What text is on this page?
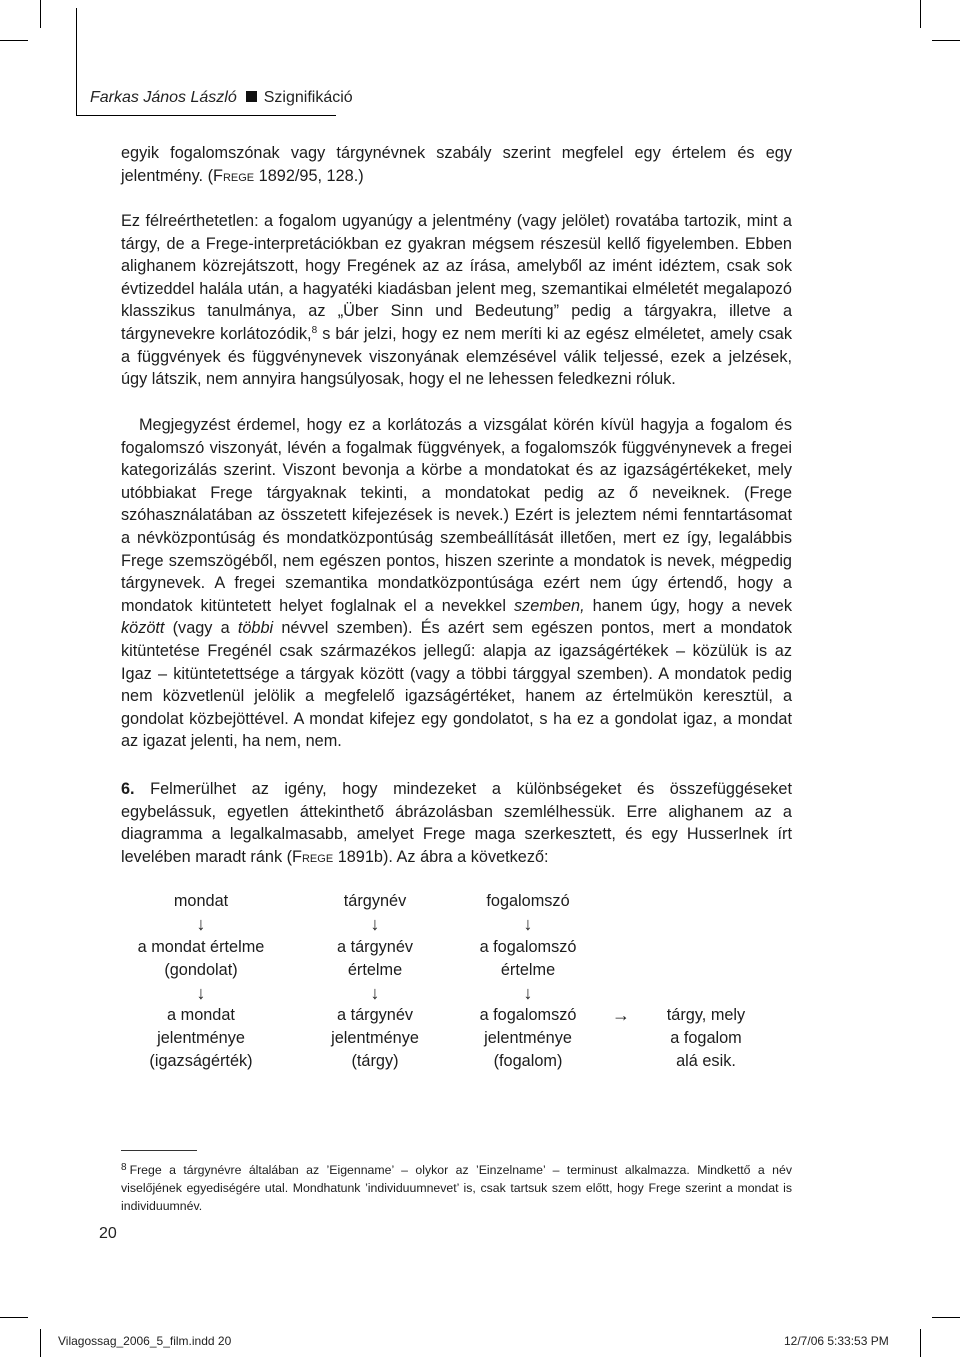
Farkas János László Szignifikáció

egyik fogalomszónak vagy tárgynévnek szabály szerint megfelel egy értelem és egy jelentmény. (Frege 1892/95, 128.)

Ez félreérthetetlen: a fogalom ugyanúgy a jelentmény (vagy jelölet) rovatába tartozik, mint a tárgy, de a Frege-interpretációkban ez gyakran mégsem részesül kellő figyelemben. Ebben alighanem közrejátszott, hogy Fregének az az írása, amelyből az imént idéztem, csak sok évtizeddel halála után, a hagyatéki kiadásban jelent meg, szemantikai elméletét megalapozó klasszikus tanulmánya, az „Über Sinn und Bedeutung” pedig a tárgyakra, illetve a tárgynevekre korlátozódik,$^8$ s bár jelzi, hogy ez nem meríti ki az egész elméletet, amely csak a függvények és függvénynevek viszonyának elemzésével válik teljessé, ezek a jelzések, úgy látszik, nem annyira hangsúlyosak, hogy el ne lehessen feledkezni róluk.

Megjegyzést érdemel, hogy ez a korlátozás a vizsgálat körén kívül hagyja a fogalom és fogalomszó viszonyát, lévén a fogalmak függvények, a fogalomszók függvénynevek a fregei kategorizálás szerint. Viszont bevonja a körbe a mondatokat és az igazságértékeket, mely utóbbiakat Frege tárgyaknak tekinti, a mondatokat pedig az ő neveiknek. (Frege szóhasználatában az összetett kifejezések is nevek.) Ezért is jeleztem némi fenntartásomat a névközpontúság és mondatközpontúság szembeállítását illetően, mert ez így, legalábbis Frege szemszögéből, nem egészen pontos, hiszen szerinte a mondatok is nevek, mégpedig tárgynevek. A fregei szemantika mondatközpontúsága ezért nem úgy értendő, hogy a mondatok kitüntetett helyet foglalnak el a nevekkel szemben, hanem úgy, hogy a nevek között (vagy a többi névvel szemben). És azért sem egészen pontos, mert a mondatok kitüntetése Fregénél csak származékos jellegű: alapja az igazságértékek – közülük is az Igaz – kitüntetettsége a tárgyak között (vagy a többi tárggyal szemben). A mondatok pedig nem közvetlenül jelölik a megfelelő igazságértéket, hanem az értelmükön keresztül, a gondolat közbejöttével. A mondat kifejez egy gondolatot, s ha ez a gondolat igaz, a mondat az igazat jelenti, ha nem, nem.

6. Felmerülhet az igény, hogy mindezeket a különbségeket és összefüggéseket egybelássuk, egyetlen áttekinthető ábrázolásban szemlélhessük. Erre alighanem az a diagramma a legalkalmasabb, amelyet Frege maga szerkesztett, és egy Husserlnek írt levelében maradt ránk (Frege 1891b). Az ábra a következő:

mondat
↓
a mondat értelme
(gondolat)
↓
a mondat
jelentménye
(igazságérték)
tárgynév
↓
a tárgynév
értelme
↓
a tárgynév
jelentménye
(tárgy)
fogalomszó
↓
a fogalomszó
értelme
↓
a fogalomszó
jelentménye
(fogalom)
→	tárgy, mely
a fogalom
alá esik.
$^8$ Frege a tárgynévre általában az ’Eigenname’ – olykor az ’Einzelname’ – terminust alkalmazza. Mindkettő a név viselőjének egyediségére utal. Mondhatunk ’individuumnevet’ is, csak tartsuk szem előtt, hogy Frege szerint a mondat is individuumnév.
20
Vilagossag_2006_5_film.indd 20	12/7/06 5:33:53 PM
